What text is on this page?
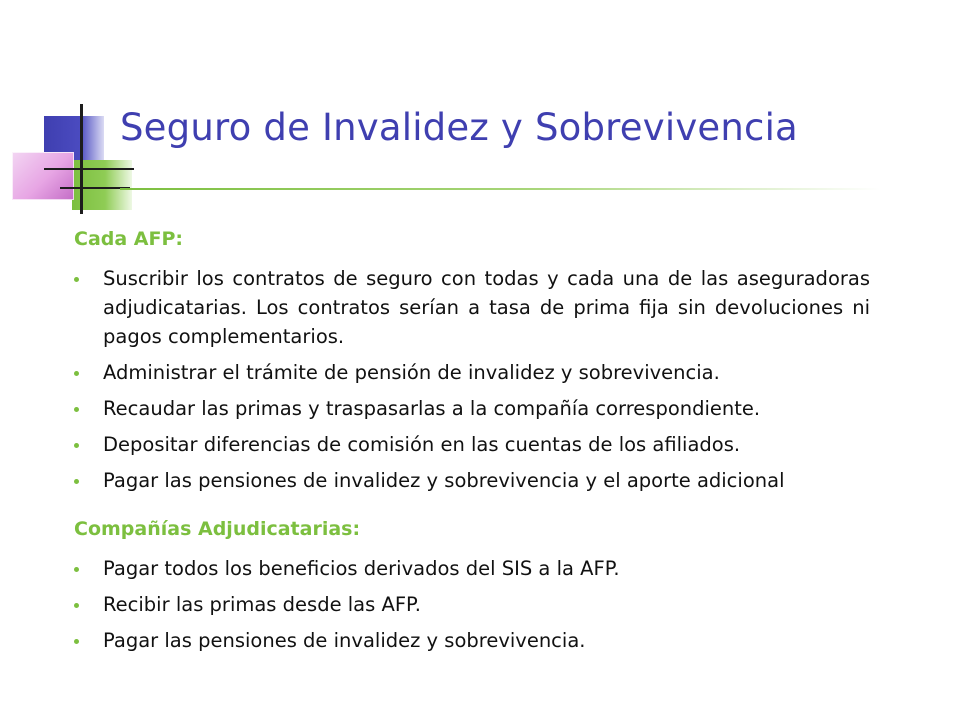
Seguro de Invalidez y Sobrevivencia
Cada AFP:
Suscribir los contratos de seguro con todas y cada una de las aseguradoras adjudicatarias. Los contratos serían a tasa de prima fija sin devoluciones ni pagos complementarios.
Administrar el trámite de pensión de invalidez y sobrevivencia.
Recaudar las primas y traspasarlas a la compañía correspondiente.
Depositar diferencias de comisión en las cuentas de los afiliados.
Pagar las pensiones de invalidez y sobrevivencia y el aporte adicional
Compañías Adjudicatarias:
Pagar todos los beneficios derivados del SIS a la AFP.
Recibir las primas desde las AFP.
Pagar las pensiones de invalidez y sobrevivencia.
